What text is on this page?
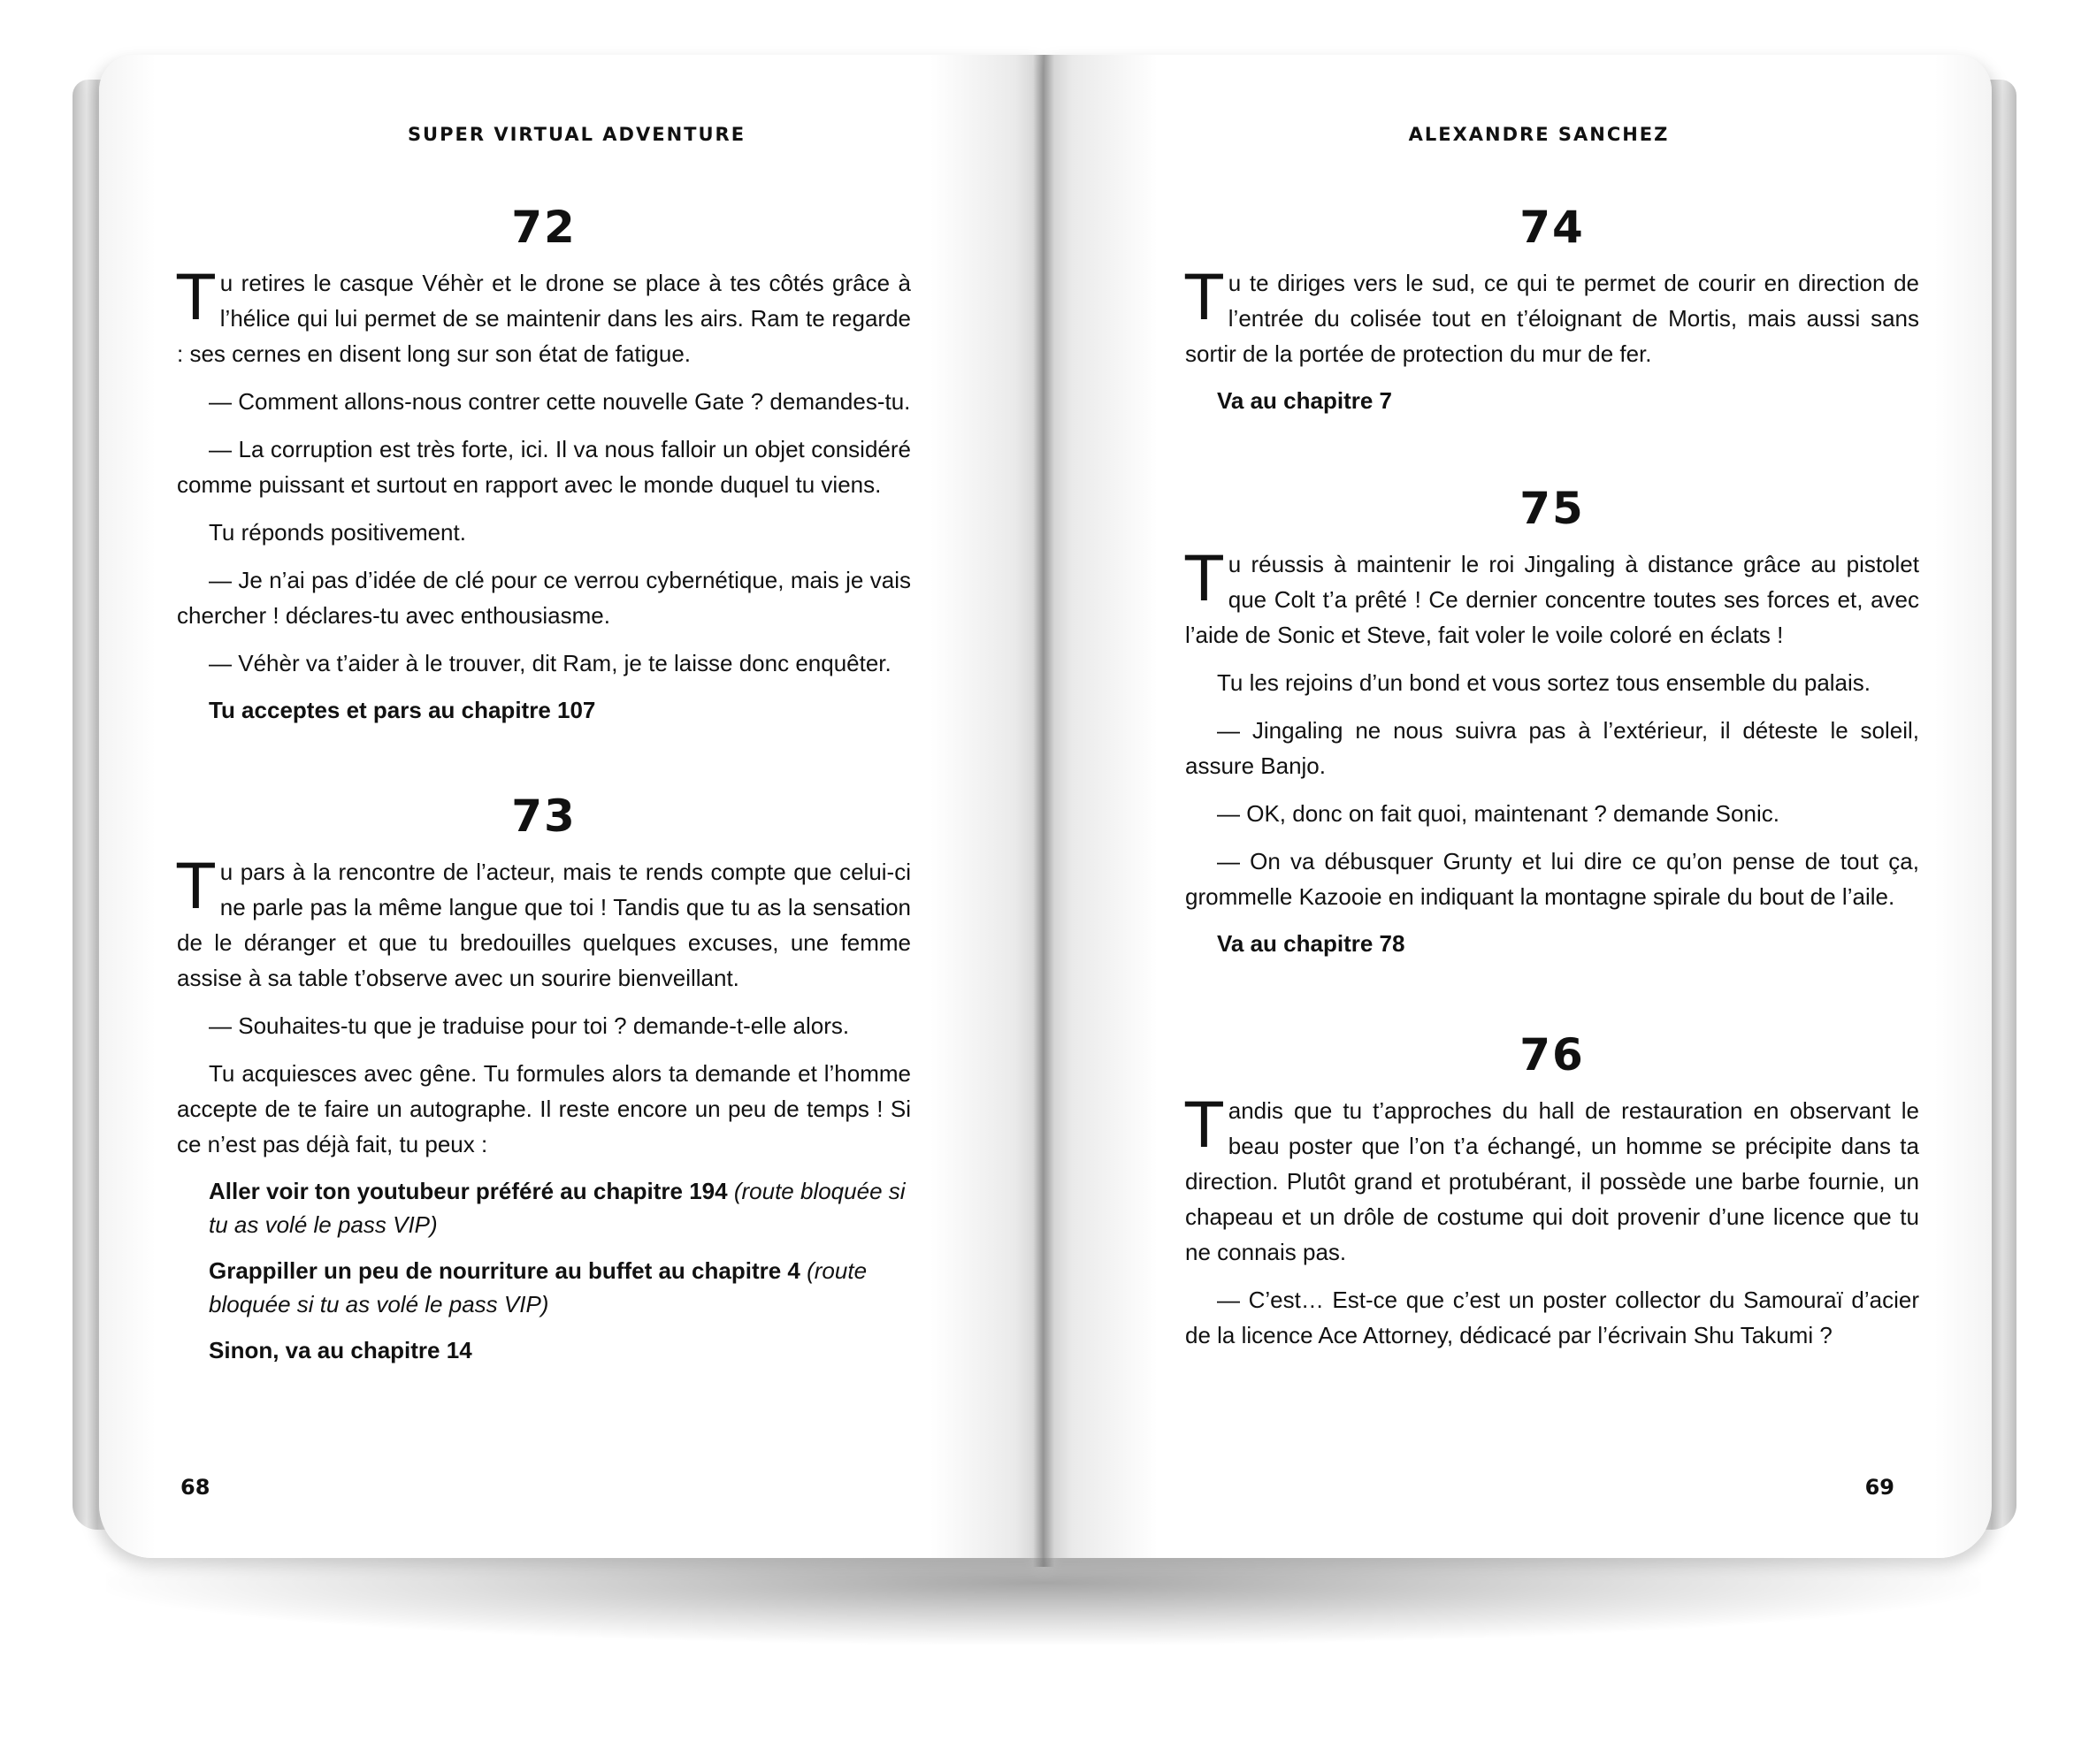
SUPER VIRTUAL ADVENTURE
72

Tu retires le casque Véhèr et le drone se place à tes côtés grâce à l’hélice qui lui permet de se maintenir dans les airs. Ram te regarde : ses cernes en disent long sur son état de fatigue.

— Comment allons-nous contrer cette nouvelle Gate ? demandes-tu.

— La corruption est très forte, ici. Il va nous falloir un objet considéré comme puissant et surtout en rapport avec le monde duquel tu viens.

Tu réponds positivement.

— Je n’ai pas d’idée de clé pour ce verrou cybernétique, mais je vais chercher ! déclares-tu avec enthousiasme.

— Véhèr va t’aider à le trouver, dit Ram, je te laisse donc enquêter.

Tu acceptes et pars au chapitre 107

73

Tu pars à la rencontre de l’acteur, mais te rends compte que celui-ci ne parle pas la même langue que toi ! Tandis que tu as la sensation de le déranger et que tu bredouilles quelques excuses, une femme assise à sa table t’observe avec un sourire bienveillant.

— Souhaites-tu que je traduise pour toi ? demande-t-elle alors.

Tu acquiesces avec gêne. Tu formules alors ta demande et l’homme accepte de te faire un autographe. Il reste encore un peu de temps ! Si ce n’est pas déjà fait, tu peux :

Aller voir ton youtubeur préféré au chapitre 194 (route bloquée si tu as volé le pass VIP)

Grappiller un peu de nourriture au buffet au chapitre 4 (route bloquée si tu as volé le pass VIP)

Sinon, va au chapitre 14

68
ALEXANDRE SANCHEZ
74

Tu te diriges vers le sud, ce qui te permet de courir en direction de l’entrée du colisée tout en t’éloignant de Mortis, mais aussi sans sortir de la portée de protection du mur de fer.

Va au chapitre 7

75

Tu réussis à maintenir le roi Jingaling à distance grâce au pistolet que Colt t’a prêté ! Ce dernier concentre toutes ses forces et, avec l’aide de Sonic et Steve, fait voler le voile coloré en éclats !

Tu les rejoins d’un bond et vous sortez tous ensemble du palais.

— Jingaling ne nous suivra pas à l’extérieur, il déteste le soleil, assure Banjo.

— OK, donc on fait quoi, maintenant ? demande Sonic.

— On va débusquer Grunty et lui dire ce qu’on pense de tout ça, grommelle Kazooie en indiquant la montagne spirale du bout de l’aile.

Va au chapitre 78

76

Tandis que tu t’approches du hall de restauration en observant le beau poster que l’on t’a échangé, un homme se précipite dans ta direction. Plutôt grand et protubérant, il possède une barbe fournie, un chapeau et un drôle de costume qui doit provenir d’une licence que tu ne connais pas.

— C’est… Est-ce que c’est un poster collector du Samouraï d’acier de la licence Ace Attorney, dédicacé par l’écrivain Shu Takumi ?

69
